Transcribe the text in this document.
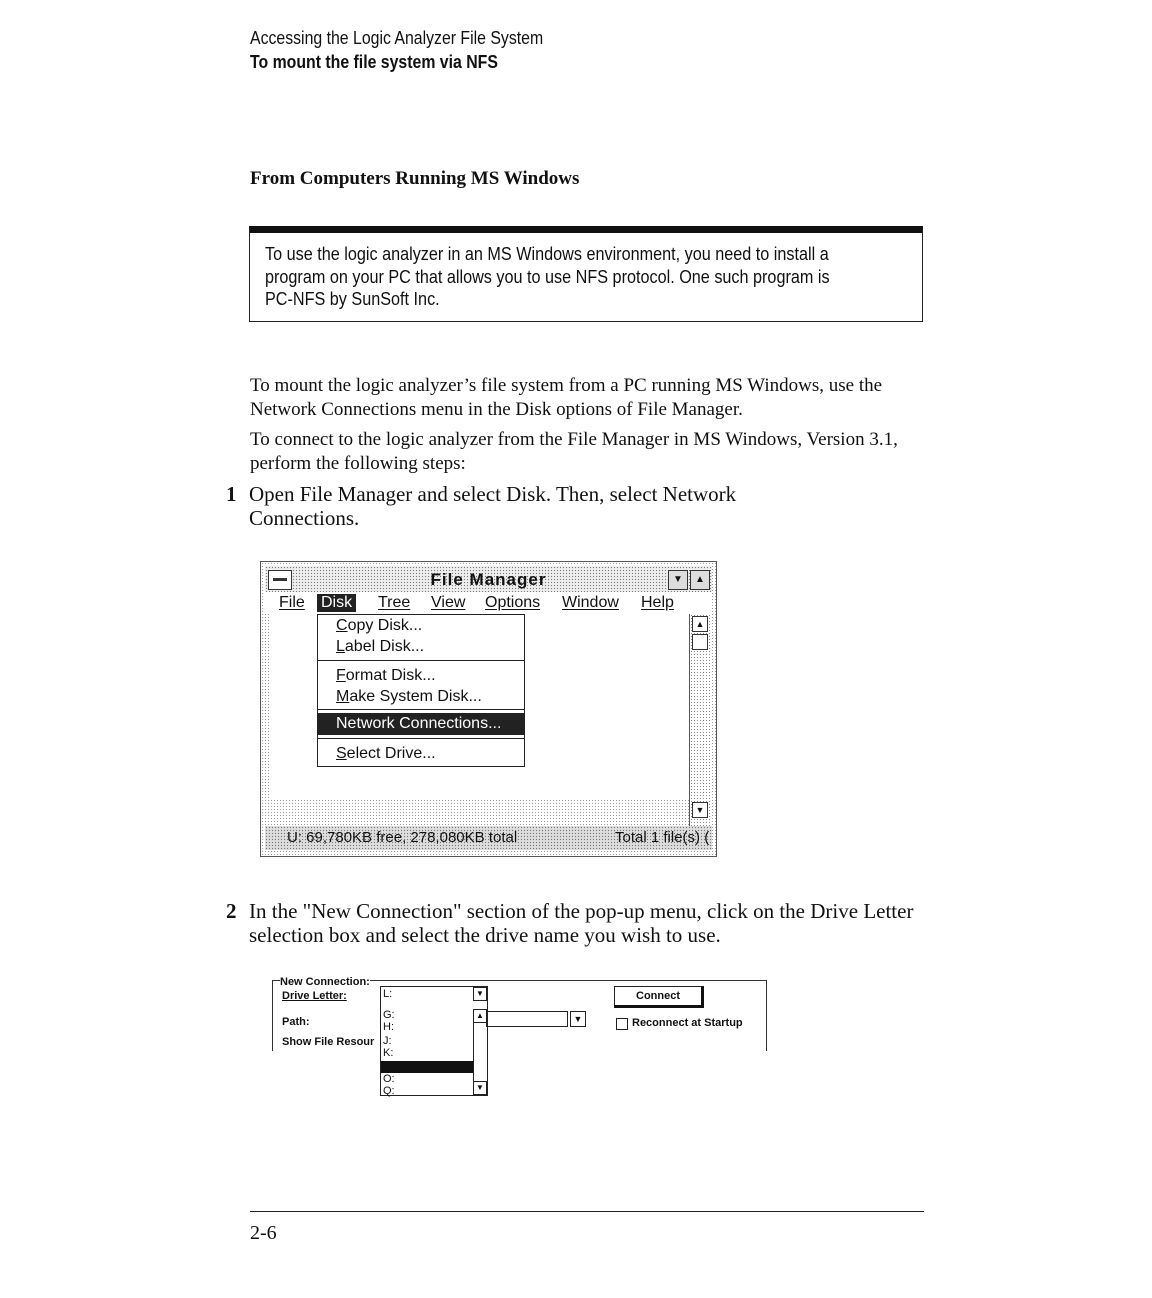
Accessing the Logic Analyzer File System
To mount the file system via NFS
From Computers Running MS Windows
To use the logic analyzer in an MS Windows environment, you need to install a
program on your PC that allows you to use NFS protocol. One such program is
PC-NFS by SunSoft Inc.
To mount the logic analyzer’s file system from a PC running MS Windows, use the Network Connections menu in the Disk options of File Manager.
To connect to the logic analyzer from the File Manager in MS Windows, Version 3.1, perform the following steps:
1 Open File Manager and select Disk. Then, select Network Connections.
File Manager	▼	▲
File Disk Tree View Options Window Help
▲
▼
Copy Disk...
Label Disk...
Format Disk...
Make System Disk...
Network Connections...
Select Drive...
U: 69,780KB free, 278,080KB total	Total 1 file(s) (
2 In the "New Connection" section of the pop-up menu, click on the Drive Letter selection box and select the drive name you wish to use.
New Connection:
Drive Letter:
Path:
Show File Resour
L:	▼
▲
G:
H:
J:
K:
O:
Q:	▼
▼
Connect
Reconnect at Startup
2-6
